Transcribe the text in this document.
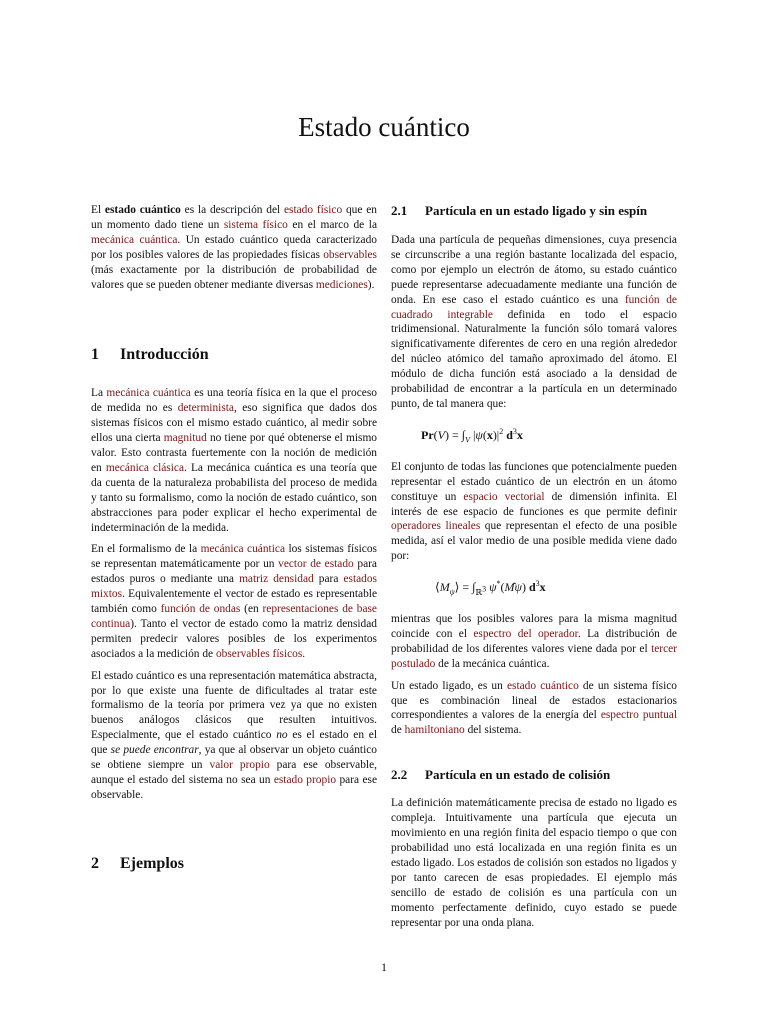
Estado cuántico

El estado cuántico es la descripción del estado físico que en un momento dado tiene un sistema físico en el marco de la mecánica cuántica. Un estado cuántico queda caracterizado por los posibles valores de las propiedades físicas observables (más exactamente por la distribución de probabilidad de valores que se pueden obtener mediante diversas mediciones).

1	Introducción

La mecánica cuántica es una teoría física en la que el proceso de medida no es determinista, eso significa que dados dos sistemas físicos con el mismo estado cuántico, al medir sobre ellos una cierta magnitud no tiene por qué obtenerse el mismo valor. Esto contrasta fuertemente con la noción de medición en mecánica clásica. La mecánica cuántica es una teoría que da cuenta de la naturaleza probabilista del proceso de medida y tanto su formalismo, como la noción de estado cuántico, son abstracciones para poder explicar el hecho experimental de indeterminación de la medida.

En el formalismo de la mecánica cuántica los sistemas físicos se representan matemáticamente por un vector de estado para estados puros o mediante una matriz densidad para estados mixtos. Equivalentemente el vector de estado es representable también como función de ondas (en representaciones de base continua). Tanto el vector de estado como la matriz densidad permiten predecir valores posibles de los experimentos asociados a la medición de observables físicos.

El estado cuántico es una representación matemática abstracta, por lo que existe una fuente de dificultades al tratar este formalismo de la teoría por primera vez ya que no existen buenos análogos clásicos que resulten intuitivos. Especialmente, que el estado cuántico no es el estado en el que se puede encontrar, ya que al observar un objeto cuántico se obtiene siempre un valor propio para ese observable, aunque el estado del sistema no sea un estado propio para ese observable.

2	Ejemplos
2.1	Partícula en un estado ligado y sin espín

Dada una partícula de pequeñas dimensiones, cuya presencia se circunscribe a una región bastante localizada del espacio, como por ejemplo un electrón de átomo, su estado cuántico puede representarse adecuadamente mediante una función de onda. En ese caso el estado cuántico es una función de cuadrado integrable definida en todo el espacio tridimensional. Naturalmente la función sólo tomará valores significativamente diferentes de cero en una región alrededor del núcleo atómico del tamaño aproximado del átomo. El módulo de dicha función está asociado a la densidad de probabilidad de encontrar a la partícula en un determinado punto, de tal manera que:

$Pr(V) = \int_V$ $|\psi(x)|^2$ $d^3x$

El conjunto de todas las funciones que potencialmente pueden representar el estado cuántico de un electrón en un átomo constituye un espacio vectorial de dimensión infinita. El interés de ese espacio de funciones es que permite definir operadores lineales que representan el efecto de una posible medida, así el valor medio de una posible medida viene dado por:

$⟨M_\psi⟩ = \int_{ℝ^3}$ ψ*(Mψ) $d^3x$

mientras que los posibles valores para la misma magnitud coincide con el espectro del operador. La distribución de probabilidad de los diferentes valores viene dada por el tercer postulado de la mecánica cuántica.

Un estado ligado, es un estado cuántico de un sistema físico que es combinación lineal de estados estacionarios correspondientes a valores de la energía del espectro puntual de hamiltoniano del sistema.

2.2	Partícula en un estado de colisión

La definición matemáticamente precisa de estado no ligado es compleja. Intuitivamente una partícula que ejecuta un movimiento en una región finita del espacio tiempo o que con probabilidad uno está localizada en una región finita es un estado ligado. Los estados de colisión son estados no ligados y por tanto carecen de esas propiedades. El ejemplo más sencillo de estado de colisión es una partícula con un momento perfectamente definido, cuyo estado se puede representar por una onda plana.

1
